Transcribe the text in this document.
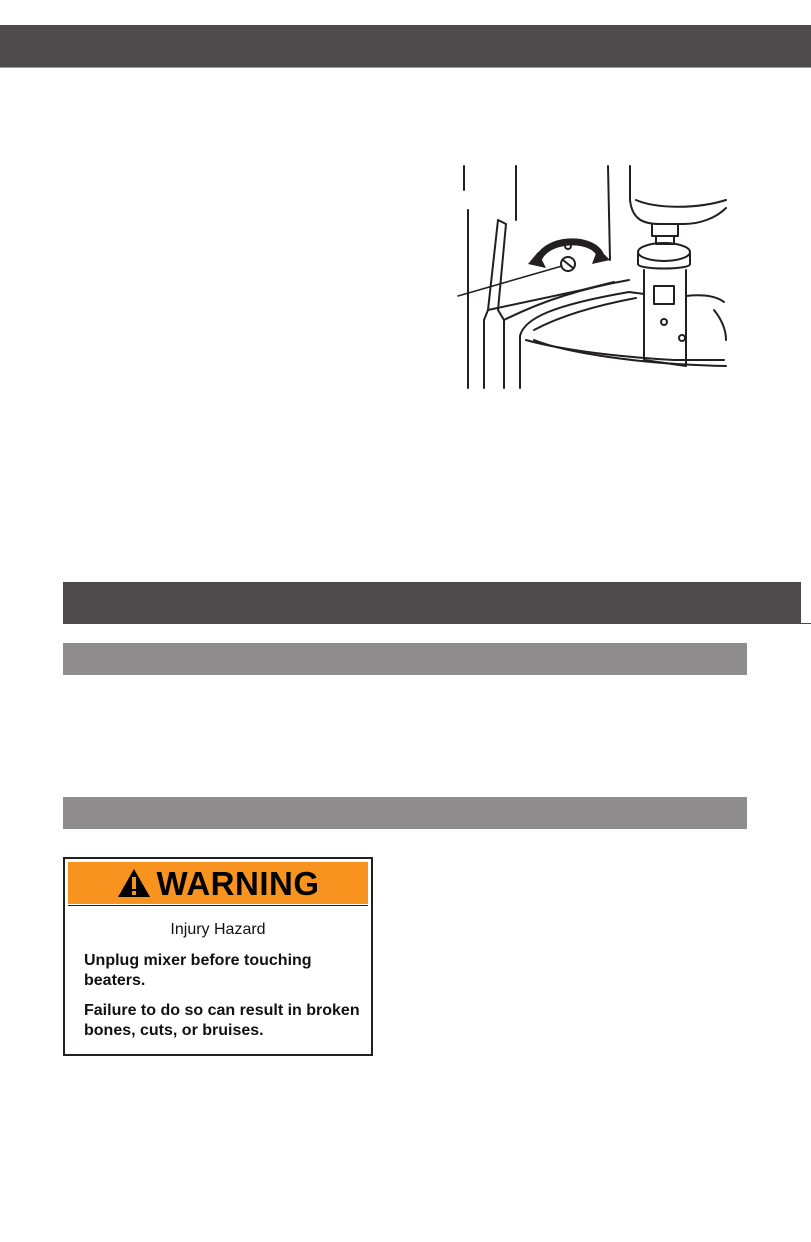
WARNING
Injury Hazard
Unplug mixer before touching beaters.
Failure to do so can result in broken bones, cuts, or bruises.
